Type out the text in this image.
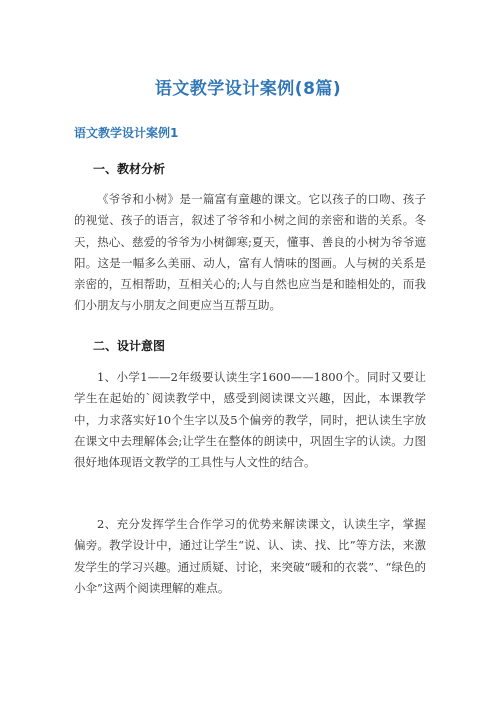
语文教学设计案例(8篇)
语文教学设计案例1
一、教材分析
《爷爷和小树》是一篇富有童趣的课文。它以孩子的口吻、孩子的视觉、孩子的语言，叙述了爷爷和小树之间的亲密和谐的关系。冬天，热心、慈爱的爷爷为小树御寒;夏天，懂事、善良的小树为爷爷遮阳。这是一幅多么美丽、动人，富有人情味的图画。人与树的关系是亲密的，互相帮助，互相关心的;人与自然也应当是和睦相处的，而我们小朋友与小朋友之间更应当互帮互助。
二、设计意图
1、小学1——2年级要认读生字1600——1800个。同时又要让学生在起始的`阅读教学中，感受到阅读课文兴趣，因此，本课教学中，力求落实好10个生字以及5个偏旁的教学，同时，把认读生字放在课文中去理解体会;让学生在整体的朗读中，巩固生字的认读。力图很好地体现语文教学的工具性与人文性的结合。
2、充分发挥学生合作学习的优势来解读课文，认读生字，掌握偏旁。教学设计中，通过让学生“说、认、读、找、比”等方法，来激发学生的学习兴趣。通过质疑、讨论，来突破“暖和的衣裳”、“绿色的小伞”这两个阅读理解的难点。
